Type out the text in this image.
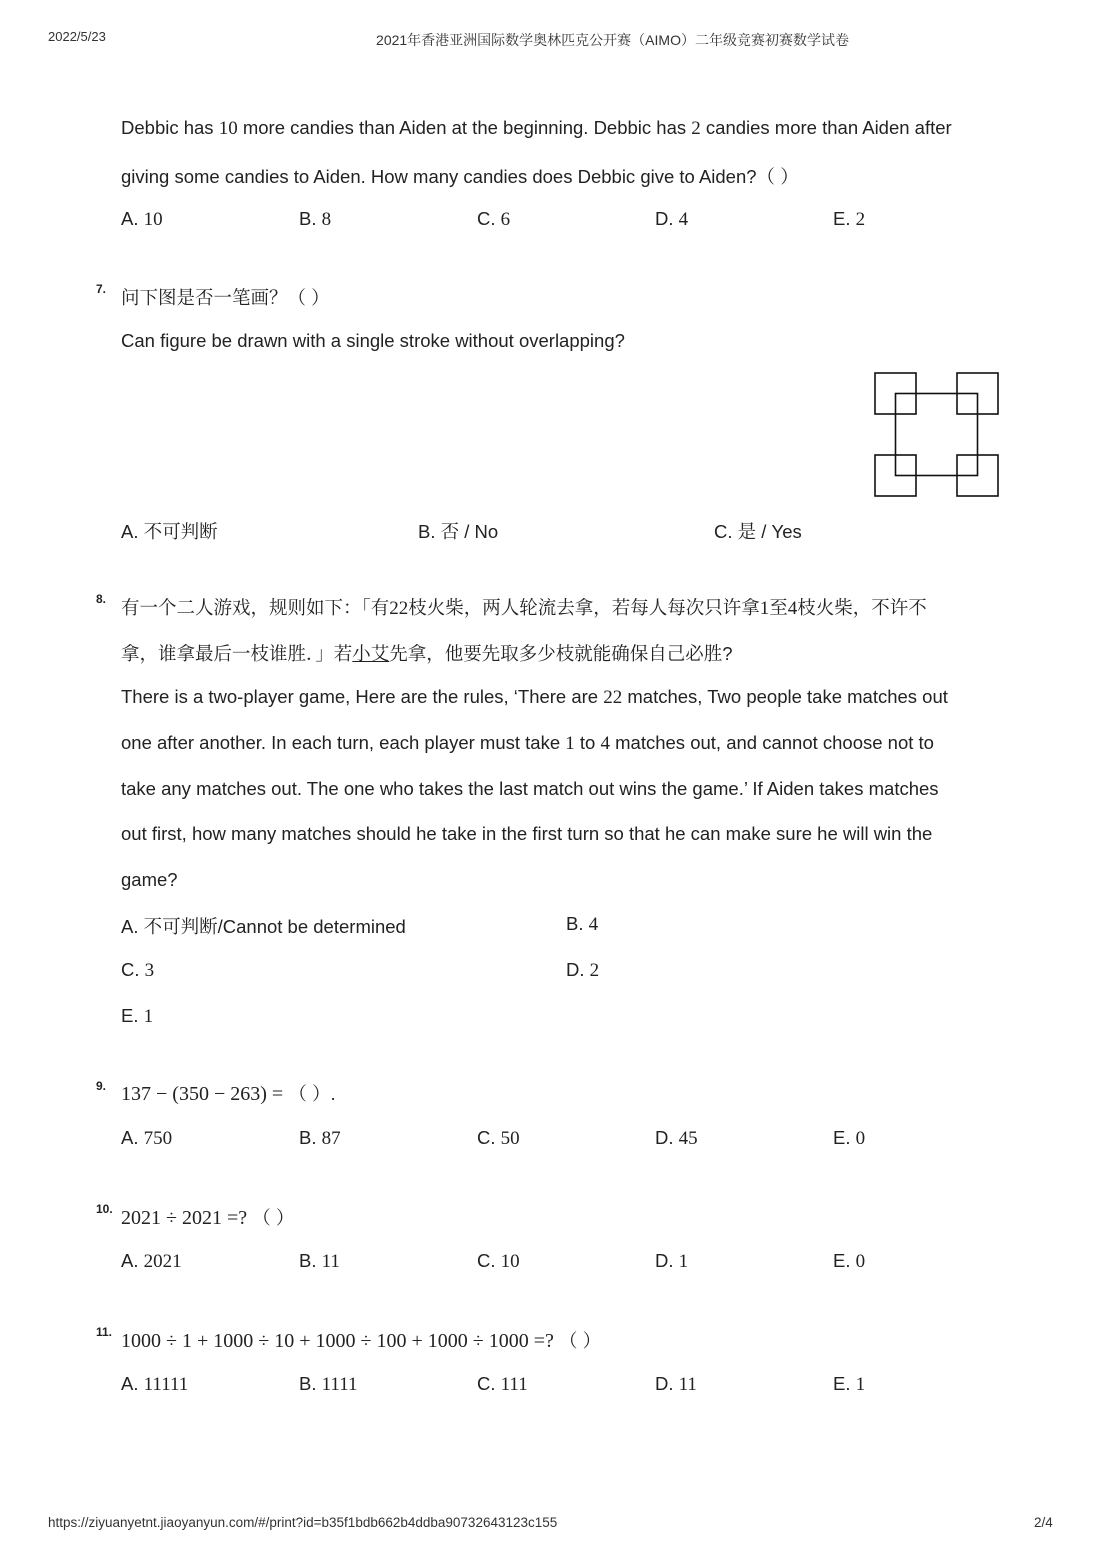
2022/5/23	2021年香港亚洲国际数学奥林匹克公开赛（AIMO）二年级竞赛初赛数学试卷
Debbic has 10 more candies than Aiden at the beginning. Debbic has 2 candies more than Aiden after
giving some candies to Aiden. How many candies does Debbic give to Aiden?（ ）
A. 10	B. 8	C. 6	D. 4	E. 2
7. 问下图是否一笔画？（ ）
Can figure be drawn with a single stroke without overlapping?
A. 不可判断	B. 否 / No	C. 是 / Yes
8. 有一个二人游戏，规则如下：「有22枝火柴，两人轮流去拿，若每人每次只许拿1至4枝火柴，不许不
拿，谁拿最后一枝谁胜．」若小艾先拿，他要先取多少枝就能确保自己必胜?
There is a two-player game, Here are the rules, ‘There are 22 matches, Two people take matches out
one after another. In each turn, each player must take 1 to 4 matches out, and cannot choose not to
take any matches out. The one who takes the last match out wins the game.’ If Aiden takes matches
out first, how many matches should he take in the first turn so that he can make sure he will win the
game?
A. 不可判断/Cannot be determined	B. 4
C. 3	D. 2
E. 1
9. 137 − (350 − 263) = （ ）.
A. 750	B. 87	C. 50	D. 45	E. 0
10. 2021 ÷ 2021 =? （ ）
A. 2021	B. 11	C. 10	D. 1	E. 0
11. 1000 ÷ 1 + 1000 ÷ 10 + 1000 ÷ 100 + 1000 ÷ 1000 =? （ ）
A. 11111	B. 1111	C. 111	D. 11	E. 1
https://ziyuanyetnt.jiaoyanyun.com/#/print?id=b35f1bdb662b4ddba90732643123c155	2/4
